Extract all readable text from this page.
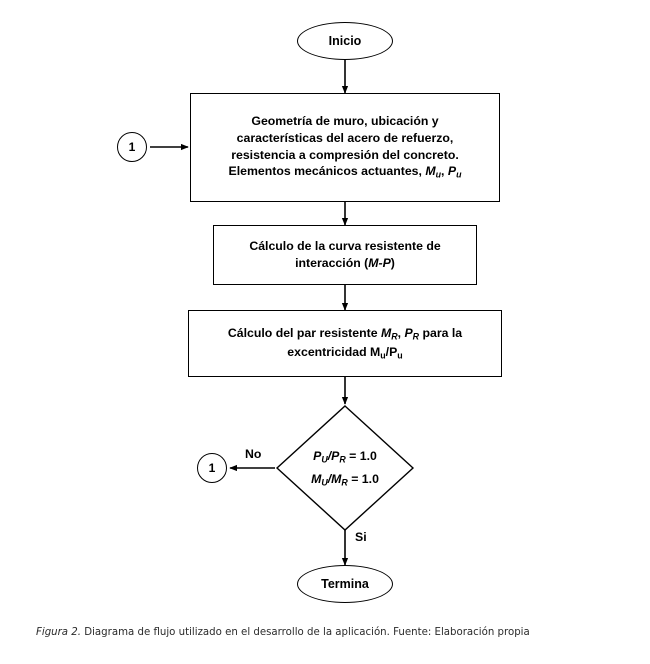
Inicio
1
Geometría de muro, ubicación y
características del acero de refuerzo,
resistencia a compresión del concreto.
Elementos mecánicos actuantes, $M_u$, $P_u$
Cálculo de la curva resistente de
interacción (M-P)
Cálculo del par resistente $M_R$, $P_R$ para la
excentricidad $M_u/P_u$
$P_U/P_R = 1.0$
$M_U/M_R = 1.0$
No
1
Si
Termina
Figura 2. Diagrama de flujo utilizado en el desarrollo de la aplicación. Fuente: Elaboración propia
